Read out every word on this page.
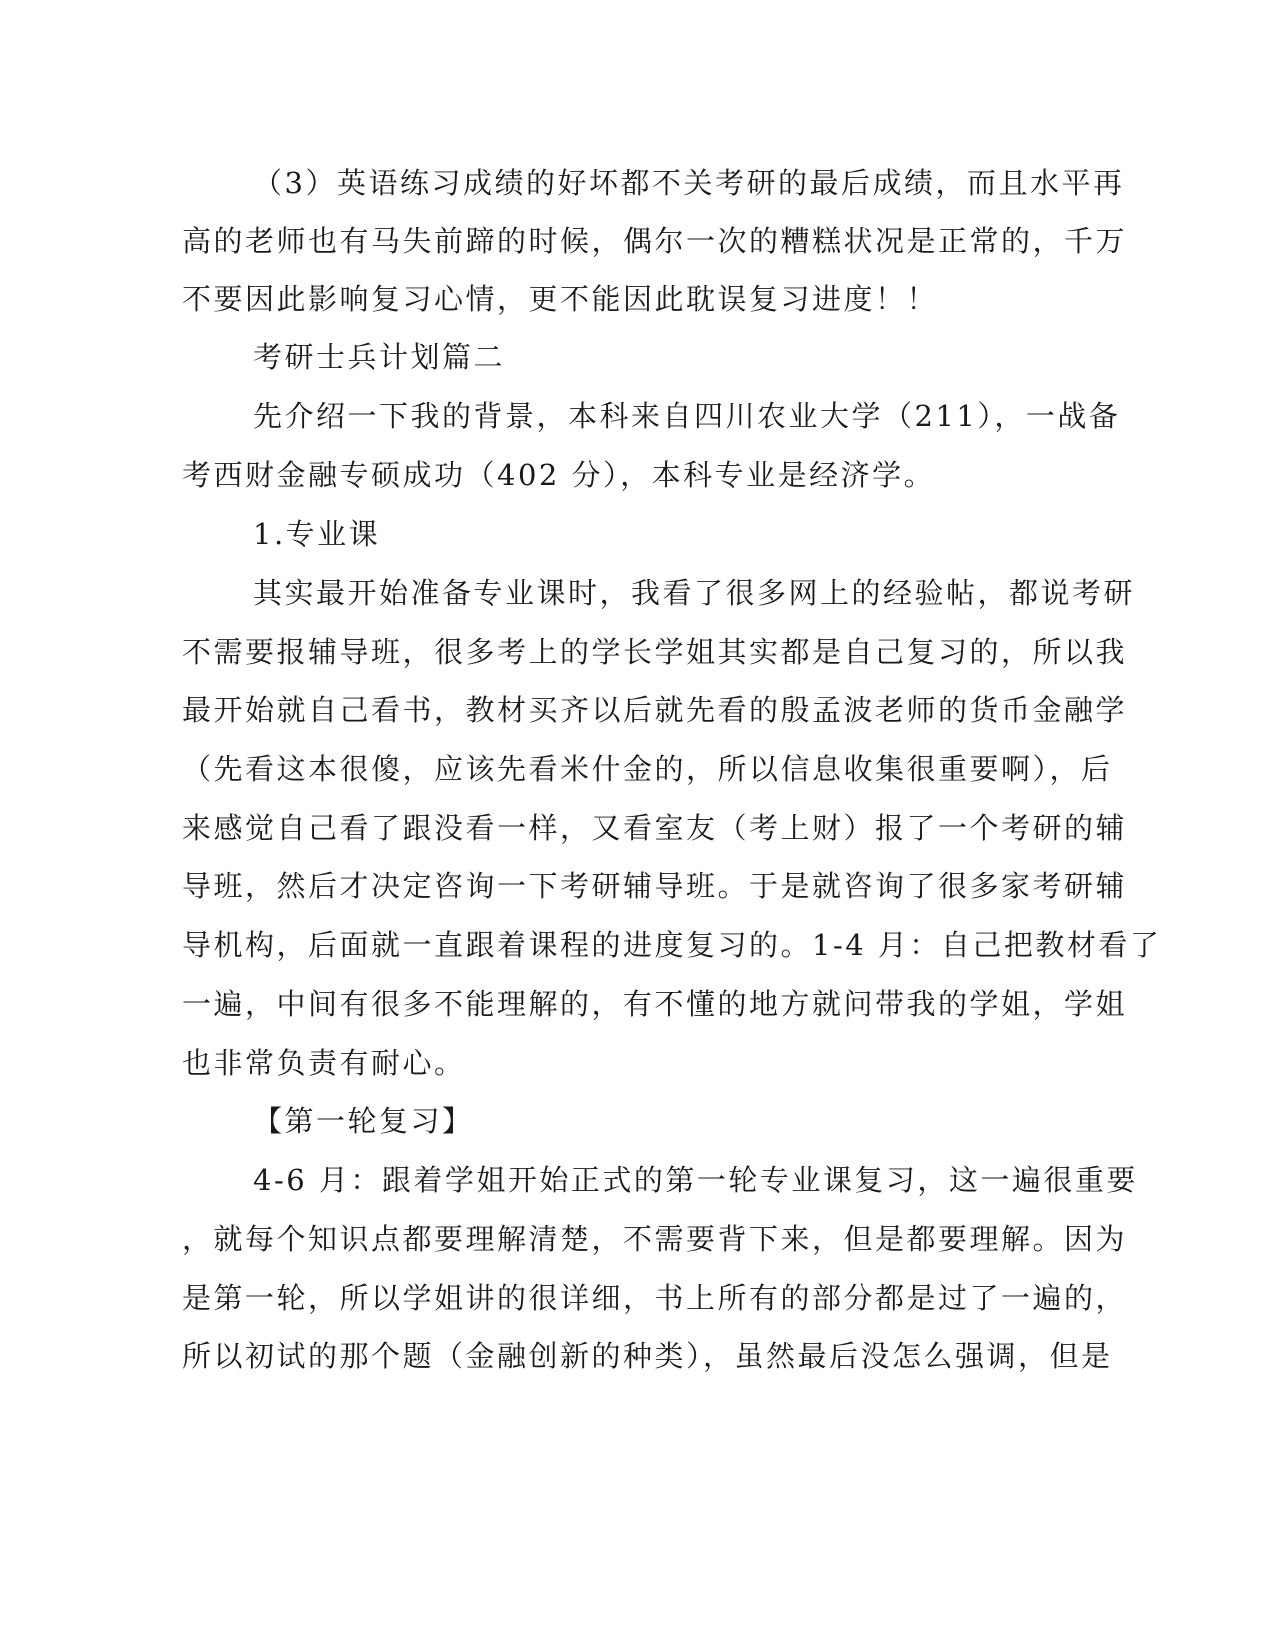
（3）英语练习成绩的好坏都不关考研的最后成绩，而且水平再

高的老师也有马失前蹄的时候，偶尔一次的糟糕状况是正常的，千万

不要因此影响复习心情，更不能因此耽误复习进度！！

考研士兵计划篇二

先介绍一下我的背景，本科来自四川农业大学（211），一战备

考西财金融专硕成功（402 分），本科专业是经济学。

1.专业课

其实最开始准备专业课时，我看了很多网上的经验帖，都说考研

不需要报辅导班，很多考上的学长学姐其实都是自己复习的，所以我

最开始就自己看书，教材买齐以后就先看的殷孟波老师的货币金融学

（先看这本很傻，应该先看米什金的，所以信息收集很重要啊），后

来感觉自己看了跟没看一样，又看室友（考上财）报了一个考研的辅

导班，然后才决定咨询一下考研辅导班。于是就咨询了很多家考研辅

导机构，后面就一直跟着课程的进度复习的。1-4 月：自己把教材看了

一遍，中间有很多不能理解的，有不懂的地方就问带我的学姐，学姐

也非常负责有耐心。

【第一轮复习】

4-6 月：跟着学姐开始正式的第一轮专业课复习，这一遍很重要

，就每个知识点都要理解清楚，不需要背下来，但是都要理解。因为

是第一轮，所以学姐讲的很详细，书上所有的部分都是过了一遍的，

所以初试的那个题（金融创新的种类），虽然最后没怎么强调，但是
